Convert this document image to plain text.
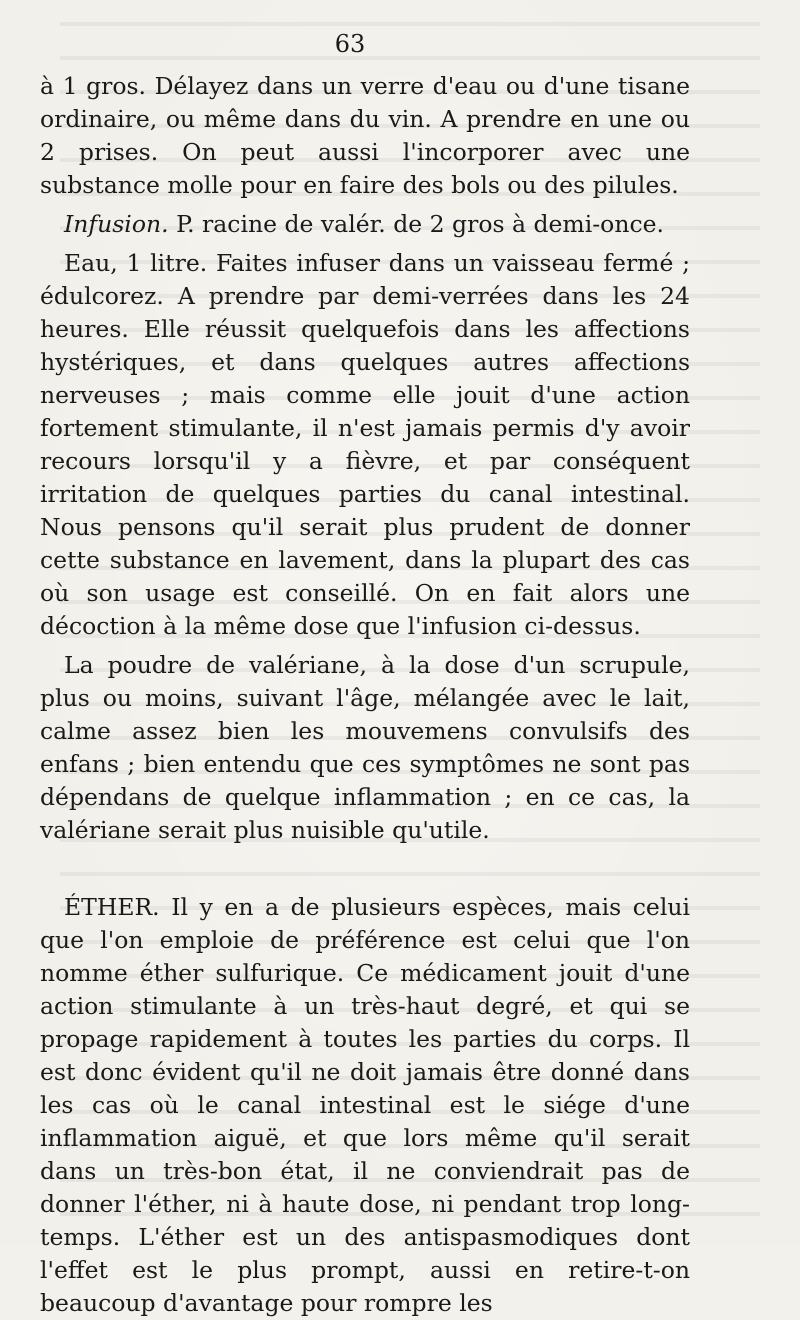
63

à 1 gros. Délayez dans un verre d'eau ou d'une tisane ordinaire, ou même dans du vin. A prendre en une ou 2 prises. On peut aussi l'incorporer avec une substance molle pour en faire des bols ou des pilules.

Infusion. P. racine de valér. de 2 gros à demi-once.

Eau, 1 litre. Faites infuser dans un vaisseau fermé ; édulcorez. A prendre par demi-verrées dans les 24 heures. Elle réussit quelquefois dans les affections hystériques, et dans quelques autres affections nerveuses ; mais comme elle jouit d'une action fortement stimulante, il n'est jamais permis d'y avoir recours lorsqu'il y a fièvre, et par conséquent irritation de quelques parties du canal intestinal. Nous pensons qu'il serait plus prudent de donner cette substance en lavement, dans la plupart des cas où son usage est conseillé. On en fait alors une décoction à la même dose que l'infusion ci-dessus.

La poudre de valériane, à la dose d'un scrupule, plus ou moins, suivant l'âge, mélangée avec le lait, calme assez bien les mouvemens convulsifs des enfans ; bien entendu que ces symptômes ne sont pas dépendans de quelque inflammation ; en ce cas, la valériane serait plus nuisible qu'utile.

ÉTHER. Il y en a de plusieurs espèces, mais celui que l'on emploie de préférence est celui que l'on nomme éther sulfurique. Ce médicament jouit d'une action stimulante à un très-haut degré, et qui se propage rapidement à toutes les parties du corps. Il est donc évident qu'il ne doit jamais être donné dans les cas où le canal intestinal est le siége d'une inflammation aiguë, et que lors même qu'il serait dans un très-bon état, il ne conviendrait pas de donner l'éther, ni à haute dose, ni pendant trop long-temps. L'éther est un des antispasmodiques dont l'effet est le plus prompt, aussi en retire-t-on beaucoup d'avantage pour rompre les
